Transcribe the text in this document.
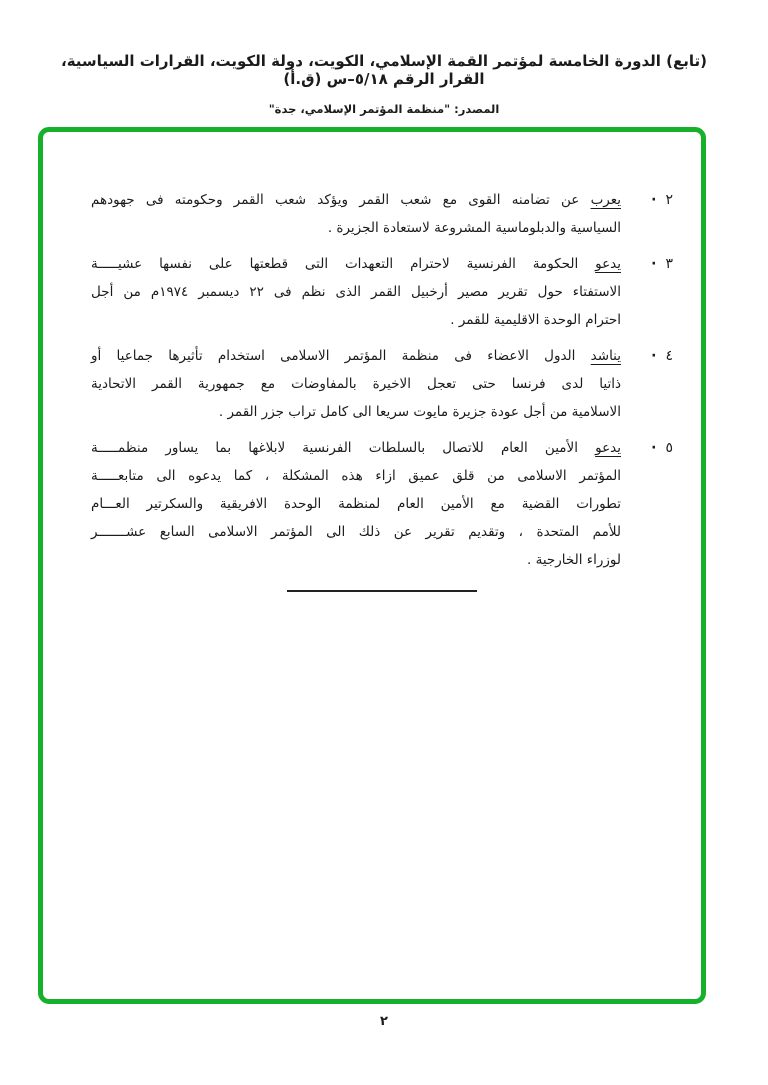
(تابع) الدورة الخامسة لمؤتمر القمة الإسلامي، الكويت، دولة الكويت، القرارات السياسية، القرار الرقم ٥/١٨–س (ق.أ)
المصدر: "منظمة المؤتمر الإسلامي، جدة"
٢
·
يعرب عن تضامنه القوى مع شعب القمر ويؤكد شعب القمر وحكومته فى جهودهم
السياسية والدبلوماسية المشروعة لاستعادة الجزيرة .
٣
·
يدعو الحكومة الفرنسية لاحترام التعهدات التى قطعتها على نفسها عشيـــــة
الاستفتاء حول تقرير مصير أرخبيل القمر الذى نظم فى ٢٢ ديسمبر ١٩٧٤م من أجل
احترام الوحدة الاقليمية للقمر .
٤
·
يناشد الدول الاعضاء فى منظمة المؤتمر الاسلامى استخدام تأثيرها جماعيا أو
ذاتيا لدى فرنسا حتى تعجل الاخيرة بالمفاوضات مع جمهورية القمر الاتحادية
الاسلامية من أجل عودة جزيرة مايوت سريعا الى كامل تراب جزر القمر .
٥
·
يدعو الأمين العام للاتصال بالسلطات الفرنسية لابلاغها بما يساور منظمـــــة
المؤتمر الاسلامى من قلق عميق ازاء هذه المشكلة ، كما يدعوه الى متابعـــــة
تطورات القضية مع الأمين العام لمنظمة الوحدة الافريقية والسكرتير العـــام
للأمم المتحدة ، وتقديم تقرير عن ذلك الى المؤتمر الاسلامى السابع عشـــــــر
لوزراء الخارجية .
٢
